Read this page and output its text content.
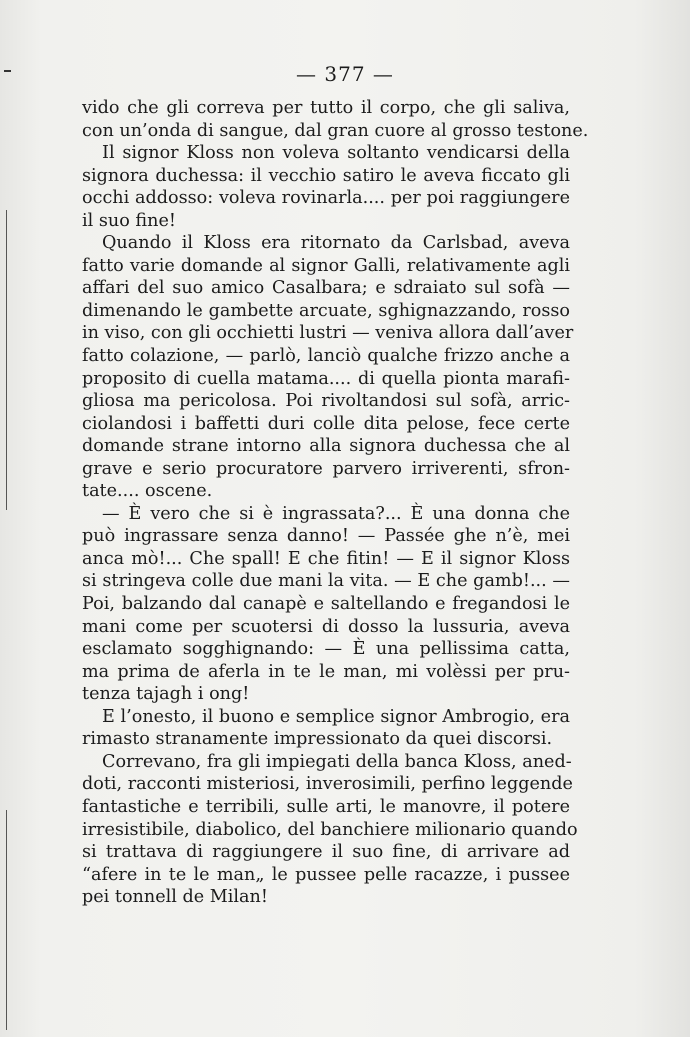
— 377 —
vido che gli correva per tutto il corpo, che gli saliva,
con un’onda di sangue, dal gran cuore al grosso testone.
Il signor Kloss non voleva soltanto vendicarsi della
signora duchessa: il vecchio satiro le aveva ficcato gli
occhi addosso: voleva rovinarla.... per poi raggiungere
il suo fine!
Quando il Kloss era ritornato da Carlsbad, aveva
fatto varie domande al signor Galli, relativamente agli
affari del suo amico Casalbara; e sdraiato sul sofà —
dimenando le gambette arcuate, sghignazzando, rosso
in viso, con gli occhietti lustri — veniva allora dall’aver
fatto colazione, — parlò, lanciò qualche frizzo anche a
proposito di cuella matama.... di quella pionta marafi-
gliosa ma pericolosa. Poi rivoltandosi sul sofà, arric-
ciolandosi i baffetti duri colle dita pelose, fece certe
domande strane intorno alla signora duchessa che al
grave e serio procuratore parvero irriverenti, sfron-
tate.... oscene.
— È vero che si è ingrassata?... È una donna che
può ingrassare senza danno! — Passée ghe n’è, mei
anca mò!... Che spall! E che fitin! — E il signor Kloss
si stringeva colle due mani la vita. — E che gamb!... —
Poi, balzando dal canapè e saltellando e fregandosi le
mani come per scuotersi di dosso la lussuria, aveva
esclamato sogghignando: — È una pellissima catta,
ma prima de aferla in te le man, mi volèssi per pru-
tenza tajagh i ong!
E l’onesto, il buono e semplice signor Ambrogio, era
rimasto stranamente impressionato da quei discorsi.
Correvano, fra gli impiegati della banca Kloss, aned-
doti, racconti misteriosi, inverosimili, perfino leggende
fantastiche e terribili, sulle arti, le manovre, il potere
irresistibile, diabolico, del banchiere milionario quando
si trattava di raggiungere il suo fine, di arrivare ad
“afere in te le man„ le pussee pelle racazze, i pussee
pei tonnell de Milan!
